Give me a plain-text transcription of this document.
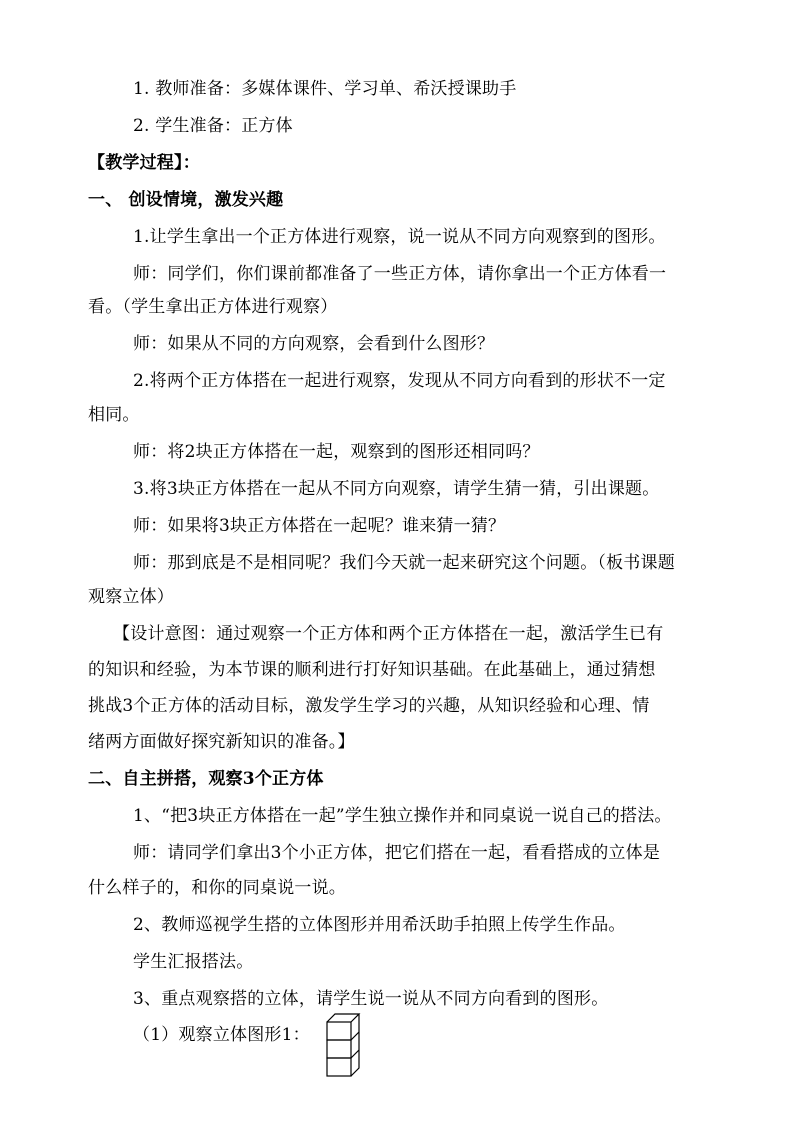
1. 教师准备：多媒体课件、学习单、希沃授课助手
2. 学生准备：正方体
【教学过程】：
一、 创设情境，激发兴趣
1.让学生拿出一个正方体进行观察，说一说从不同方向观察到的图形。
师：同学们，你们课前都准备了一些正方体，请你拿出一个正方体看一
看。（学生拿出正方体进行观察）
师：如果从不同的方向观察，会看到什么图形？
2.将两个正方体搭在一起进行观察，发现从不同方向看到的形状不一定
相同。
师：将2块正方体搭在一起，观察到的图形还相同吗？
3.将3块正方体搭在一起从不同方向观察，请学生猜一猜，引出课题。
师：如果将3块正方体搭在一起呢？谁来猜一猜？
师：那到底是不是相同呢？我们今天就一起来研究这个问题。（板书课题
观察立体）
【设计意图：通过观察一个正方体和两个正方体搭在一起，激活学生已有
的知识和经验，为本节课的顺利进行打好知识基础。在此基础上，通过猜想
挑战3个正方体的活动目标，激发学生学习的兴趣，从知识经验和心理、情
绪两方面做好探究新知识的准备。】
二、自主拼搭，观察3个正方体
1、“把3块正方体搭在一起”学生独立操作并和同桌说一说自己的搭法。
师：请同学们拿出3个小正方体，把它们搭在一起，看看搭成的立体是
什么样子的，和你的同桌说一说。
2、教师巡视学生搭的立体图形并用希沃助手拍照上传学生作品。
学生汇报搭法。
3、重点观察搭的立体，请学生说一说从不同方向看到的图形。
（1）观察立体图形1：
